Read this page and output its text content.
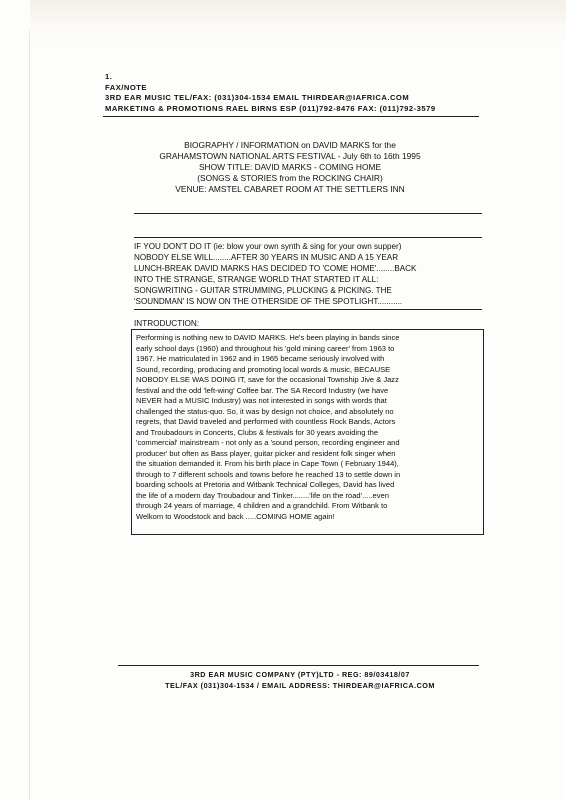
1.
FAX/NOTE
3RD EAR MUSIC TEL/FAX: (031)304-1534 EMAIL THIRDEAR@IAFRICA.COM
MARKETING & PROMOTIONS RAEL BIRNS ESP (011)792-8476 FAX: (011)792-3579
BIOGRAPHY / INFORMATION on DAVID MARKS for the
GRAHAMSTOWN NATIONAL ARTS FESTIVAL - July 6th to 16th 1995
SHOW TITLE: DAVID MARKS - COMING HOME
(SONGS & STORIES from the ROCKING CHAIR)
VENUE: AMSTEL CABARET ROOM AT THE SETTLERS INN
IF YOU DON'T DO IT (ie: blow your own synth & sing for your own supper)
NOBODY ELSE WILL........AFTER 30 YEARS IN MUSIC AND A 15 YEAR
LUNCH-BREAK DAVID MARKS HAS DECIDED TO 'COME HOME'........BACK
INTO THE STRANGE, STRANGE WORLD THAT STARTED IT ALL:
SONGWRITING - GUITAR STRUMMING, PLUCKING & PICKING. THE
'SOUNDMAN' IS NOW ON THE OTHERSIDE OF THE SPOTLIGHT...........
INTRODUCTION:
Performing is nothing new to DAVID MARKS. He's been playing in bands since
early school days (1960) and throughout his 'gold mining career' from 1963 to
1967. He matriculated in 1962 and in 1965 became seriously involved with
Sound, recording, producing and promoting local words & music, BECAUSE
NOBODY ELSE WAS DOING IT, save for the occasional Township Jive & Jazz
festival and the odd 'left-wing' Coffee bar. The SA Record Industry (we have
NEVER had a MUSIC Industry) was not interested in songs with words that
challenged the status-quo. So, it was by design not choice, and absolutely no
regrets, that David traveled and performed with countless Rock Bands, Actors
and Troubadours in Concerts, Clubs & festivals for 30 years avoiding the
'commercial' mainstream - not only as a 'sound person, recording engineer and
producer' but often as Bass player, guitar picker and resident folk singer when
the situation demanded it. From his birth place in Cape Town ( February 1944),
through to 7 different schools and towns before he reached 13 to settle down in
boarding schools at Pretoria and Witbank Technical Colleges, David has lived
the life of a modern day Troubadour and Tinker........'life on the road'.....even
through 24 years of marriage, 4 children and a grandchild. From Witbank to
Welkom to Woodstock and back .....COMING HOME again!
3RD EAR MUSIC COMPANY (PTY)LTD - REG: 89/03418/07
TEL/FAX (031)304-1534 / EMAIL ADDRESS: THIRDEAR@IAFRICA.COM
